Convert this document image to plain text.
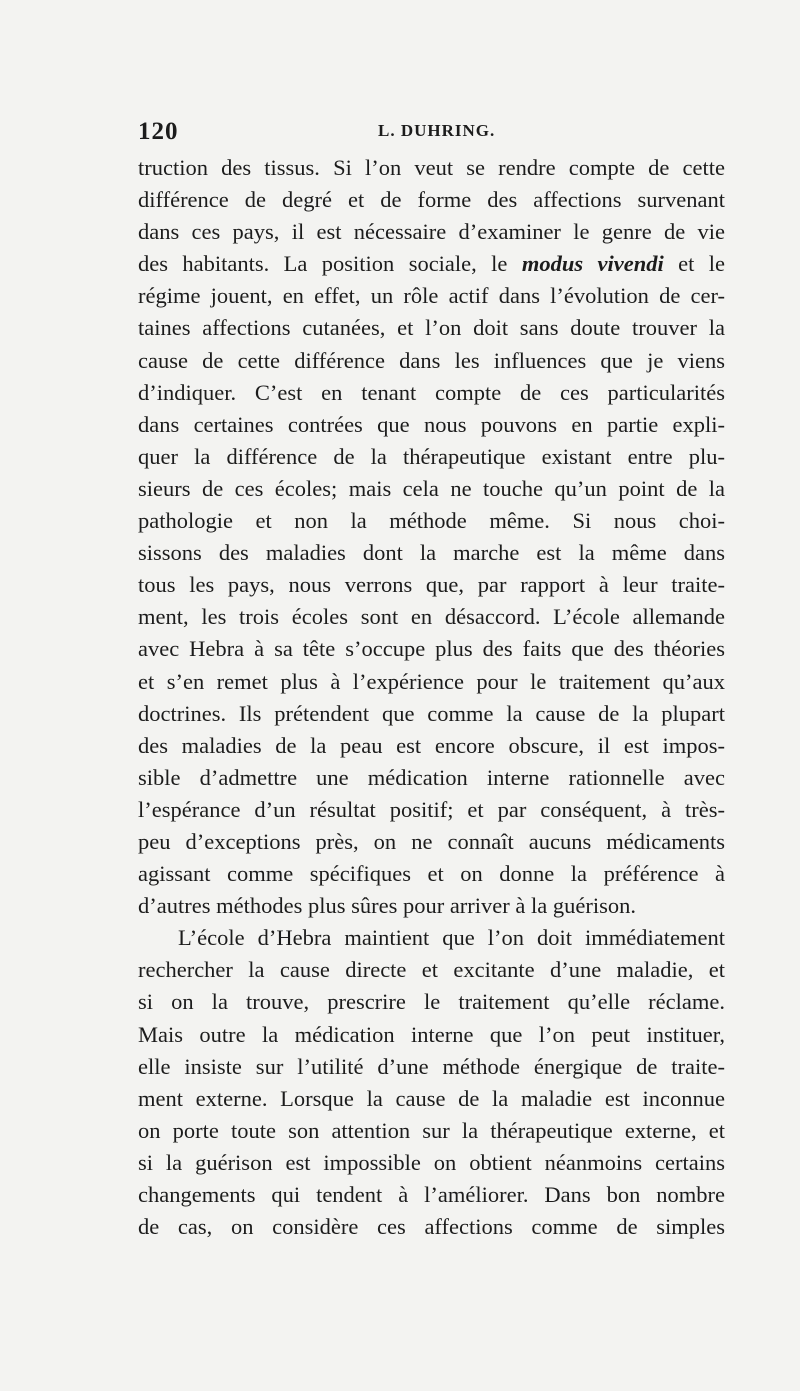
120	L. DUHRING.
truction des tissus. Si l’on veut se rendre compte de cette
différence de degré et de forme des affections survenant
dans ces pays, il est nécessaire d’examiner le genre de vie
des habitants. La position sociale, le modus vivendi et le
régime jouent, en effet, un rôle actif dans l’évolution de cer-
taines affections cutanées, et l’on doit sans doute trouver la
cause de cette différence dans les influences que je viens
d’indiquer. C’est en tenant compte de ces particularités
dans certaines contrées que nous pouvons en partie expli-
quer la différence de la thérapeutique existant entre plu-
sieurs de ces écoles; mais cela ne touche qu’un point de la
pathologie et non la méthode même. Si nous choi-
sissons des maladies dont la marche est la même dans
tous les pays, nous verrons que, par rapport à leur traite-
ment, les trois écoles sont en désaccord. L’école allemande
avec Hebra à sa tête s’occupe plus des faits que des théories
et s’en remet plus à l’expérience pour le traitement qu’aux
doctrines. Ils prétendent que comme la cause de la plupart
des maladies de la peau est encore obscure, il est impos-
sible d’admettre une médication interne rationnelle avec
l’espérance d’un résultat positif; et par conséquent, à très-
peu d’exceptions près, on ne connaît aucuns médicaments
agissant comme spécifiques et on donne la préférence à
d’autres méthodes plus sûres pour arriver à la guérison.
L’école d’Hebra maintient que l’on doit immédiatement
rechercher la cause directe et excitante d’une maladie, et
si on la trouve, prescrire le traitement qu’elle réclame.
Mais outre la médication interne que l’on peut instituer,
elle insiste sur l’utilité d’une méthode énergique de traite-
ment externe. Lorsque la cause de la maladie est inconnue
on porte toute son attention sur la thérapeutique externe, et
si la guérison est impossible on obtient néanmoins certains
changements qui tendent à l’améliorer. Dans bon nombre
de cas, on considère ces affections comme de simples
